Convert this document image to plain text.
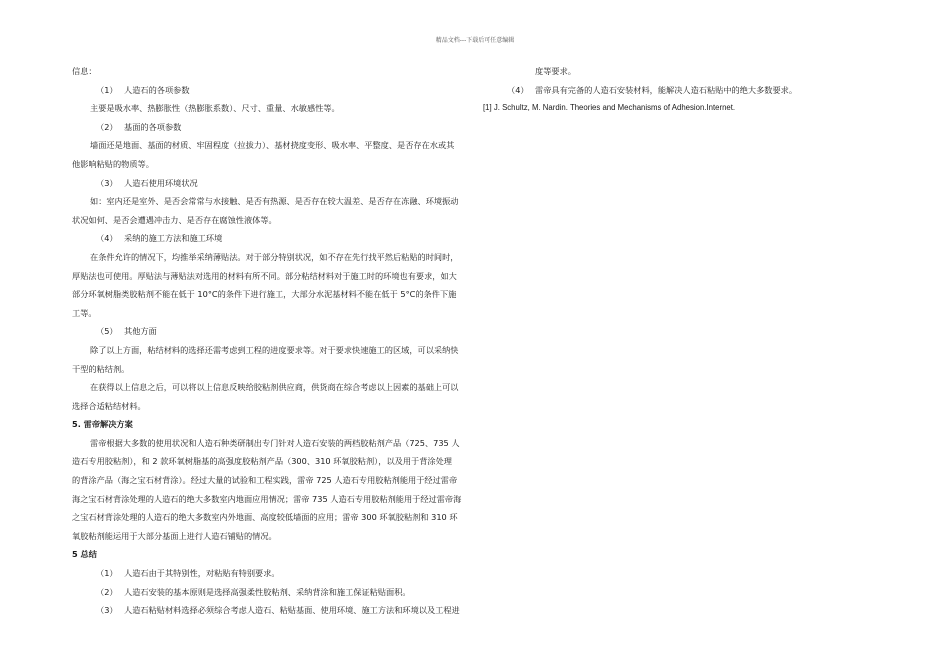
精品文档---下载后可任意编辑

信息：

（1） 人造石的各项参数

主要是吸水率、热膨胀性（热膨胀系数）、尺寸、重量、水敏感性等。

（2） 基面的各项参数

墙面还是地面、基面的材质、牢固程度（拉拔力）、基材挠度变形、吸水率、平整度、是否存在水或其

他影响粘贴的物质等。

（3） 人造石使用环境状况

如：室内还是室外、是否会常常与水接触、是否有热源、是否存在较大温差、是否存在冻融、环境振动

状况如何、是否会遭遇冲击力、是否存在腐蚀性液体等。

（4） 采纳的施工方法和施工环境

在条件允许的情况下，均推举采纳薄贴法。对于部分特别状况，如不存在先行找平然后粘贴的时间时，

厚贴法也可使用。厚贴法与薄贴法对选用的材料有所不同。部分粘结材料对于施工时的环境也有要求，如大

部分环氧树脂类胶粘剂不能在低于 10°C的条件下进行施工，大部分水泥基材料不能在低于 5°C的条件下施

工等。

（5） 其他方面

除了以上方面，粘结材料的选择还需考虑到工程的进度要求等。对于要求快速施工的区域，可以采纳快

干型的粘结剂。

在获得以上信息之后，可以将以上信息反映给胶粘剂供应商，供货商在综合考虑以上因素的基础上可以

选择合适粘结材料。

5. 雷帝解决方案

雷帝根据大多数的使用状况和人造石种类研制出专门针对人造石安装的两档胶粘剂产品（725、735 人

造石专用胶粘剂），和 2 款环氧树脂基的高强度胶粘剂产品（300、310 环氧胶粘剂），以及用于背涂处理

的背涂产品（海之宝石材背涂）。经过大量的试验和工程实践，雷帝 725 人造石专用胶粘剂能用于经过雷帝

海之宝石材背涂处理的人造石的绝大多数室内地面应用情况；雷帝 735 人造石专用胶粘剂能用于经过雷帝海

之宝石材背涂处理的人造石的绝大多数室内外地面、高度较低墙面的应用；雷帝 300 环氧胶粘剂和 310 环

氧胶粘剂能运用于大部分基面上进行人造石铺贴的情况。

5 总结

（1） 人造石由于其特别性，对粘贴有特别要求。

（2） 人造石安装的基本原则是选择高强柔性胶粘剂、采纳背涂和施工保证粘贴面积。

（3） 人造石粘贴材料选择必须综合考虑人造石、粘贴基面、使用环境、施工方法和环境以及工程进

度等要求。

（4） 雷帝具有完备的人造石安装材料，能解决人造石粘贴中的绝大多数要求。

[1] J. Schultz, M. Nardin. Theories and Mechanisms of Adhesion.Internet.
